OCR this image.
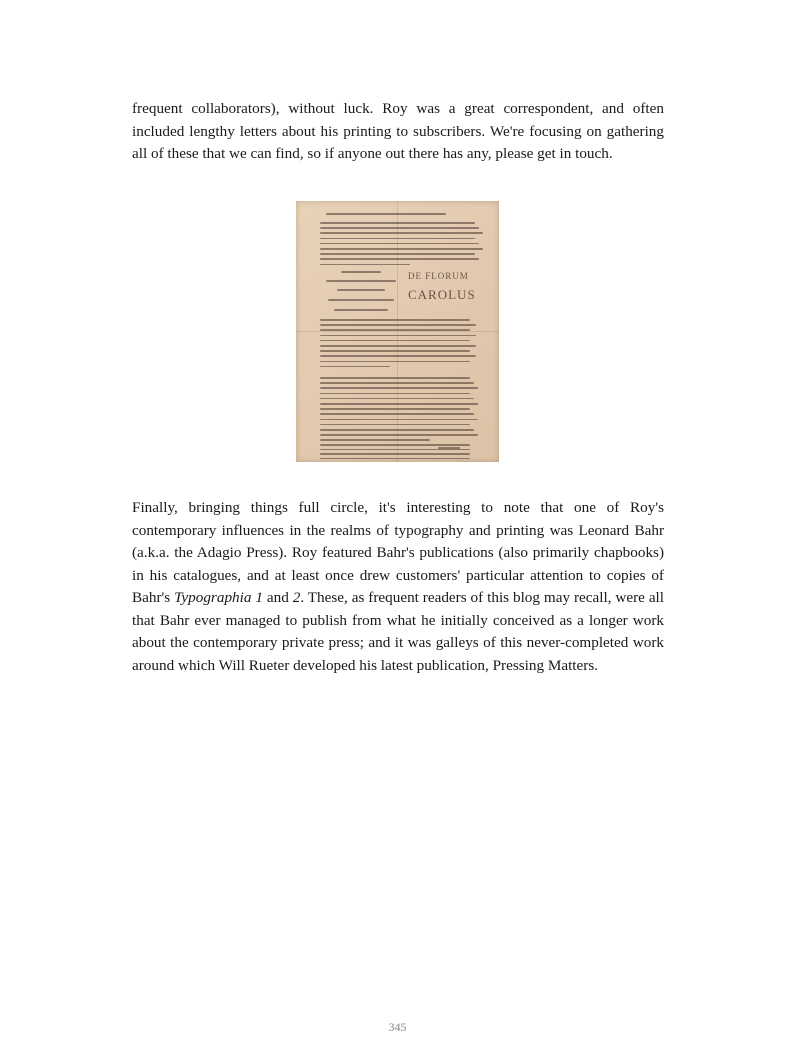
frequent collaborators), without luck. Roy was a great correspondent, and often included lengthy letters about his printing to subscribers. We're focusing on gathering all of these that we can find, so if anyone out there has any, please get in touch.

DE FLORUM
CAROLUS

Finally, bringing things full circle, it's interesting to note that one of Roy's contemporary influences in the realms of typography and printing was Leonard Bahr (a.k.a. the Adagio Press). Roy featured Bahr's publications (also primarily chapbooks) in his catalogues, and at least once drew customers' particular attention to copies of Bahr's Typographia 1 and 2. These, as frequent readers of this blog may recall, were all that Bahr ever managed to publish from what he initially conceived as a longer work about the contemporary private press; and it was galleys of this never-completed work around which Will Rueter developed his latest publication, Pressing Matters.

345
